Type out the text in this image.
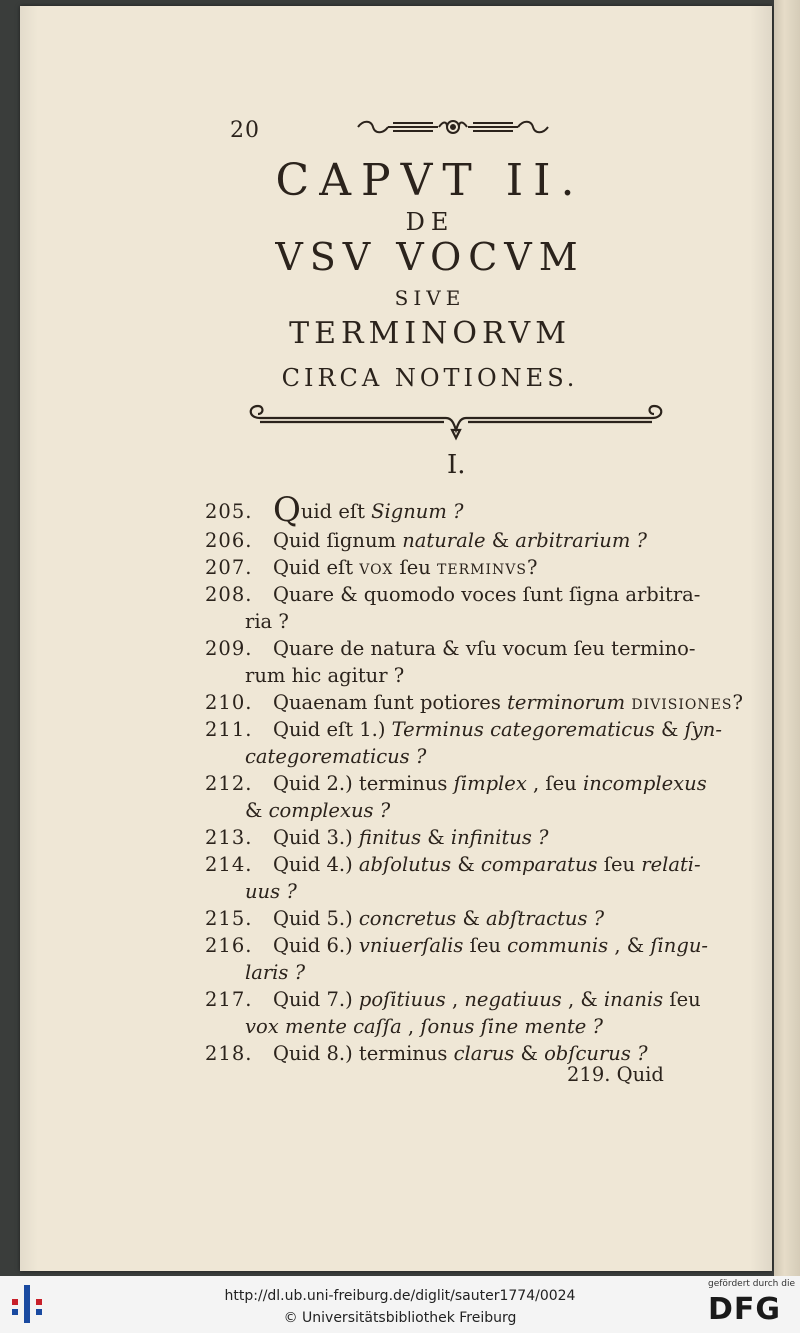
20
CAPVT II.
DE
VSV VOCVM
SIVE
TERMINORVM
CIRCA NOTIONES.
I.
205. Quid eſt Signum ?
206. Quid ſignum naturale & arbitrarium ?
207. Quid eſt vox ſeu terminvs?
208. Quare & quomodo voces ſunt ſigna arbitra-
ria ?
209. Quare de natura & vſu vocum ſeu termino-
rum hic agitur ?
210. Quaenam ſunt potiores terminorum divisiones?
211. Quid eſt 1.) Terminus categorematicus & ſyn-
categorematicus ?
212. Quid 2.) terminus ſimplex , ſeu incomplexus
& complexus ?
213. Quid 3.) finitus & infinitus ?
214. Quid 4.) abſolutus & comparatus ſeu relati-
uus ?
215. Quid 5.) concretus & abſtractus ?
216. Quid 6.) vniuerſalis ſeu communis , & ſingu-
laris ?
217. Quid 7.) poſitiuus , negatiuus , & inanis ſeu
vox mente caſſa , ſonus ſine mente ?
218. Quid 8.) terminus clarus & obſcurus ?
219. Quid
http://dl.ub.uni-freiburg.de/diglit/sauter1774/0024
© Universitätsbibliothek Freiburg
gefördert durch die
DFG
